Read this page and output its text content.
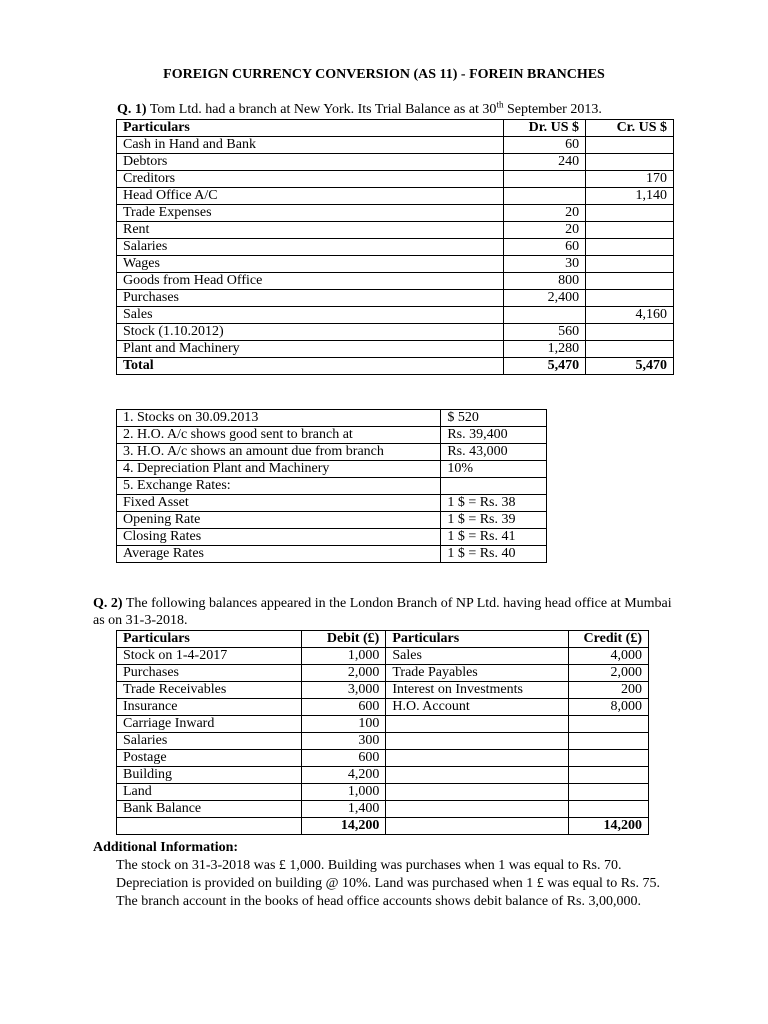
FOREIGN CURRENCY CONVERSION (AS 11) - FOREIN BRANCHES
Q. 1) Tom Ltd. had a branch at New York. Its Trial Balance as at 30th September 2013.
Particulars	Dr. US $	Cr. US $
Cash in Hand and Bank	60	
Debtors	240	
Creditors		170
Head Office A/C		1,140
Trade Expenses	20	
Rent	20	
Salaries	60	
Wages	30	
Goods from Head Office	800	
Purchases	2,400	
Sales		4,160
Stock (1.10.2012)	560	
Plant and Machinery	1,280	
Total	5,470	5,470
1. Stocks on 30.09.2013	$ 520
2. H.O. A/c shows good sent to branch at	Rs. 39,400
3. H.O. A/c shows an amount due from branch	Rs. 43,000
4. Depreciation Plant and Machinery	10%
5. Exchange Rates:	
Fixed Asset	1 $ = Rs. 38
Opening Rate	1 $ = Rs. 39
Closing Rates	1 $ = Rs. 41
Average Rates	1 $ = Rs. 40
Q. 2) The following balances appeared in the London Branch of NP Ltd. having head office at Mumbai as on 31-3-2018.
Particulars	Debit (£)	Particulars	Credit (£)
Stock on 1-4-2017	1,000	Sales	4,000
Purchases	2,000	Trade Payables	2,000
Trade Receivables	3,000	Interest on Investments	200
Insurance	600	H.O. Account	8,000
Carriage Inward	100		
Salaries	300		
Postage	600		
Building	4,200		
Land	1,000		
Bank Balance	1,400		
	14,200		14,200
Additional Information:
The stock on 31-3-2018 was £ 1,000. Building was purchases when 1 was equal to Rs. 70. Depreciation is provided on building @ 10%. Land was purchased when 1 £ was equal to Rs. 75. The branch account in the books of head office accounts shows debit balance of Rs. 3,00,000.
